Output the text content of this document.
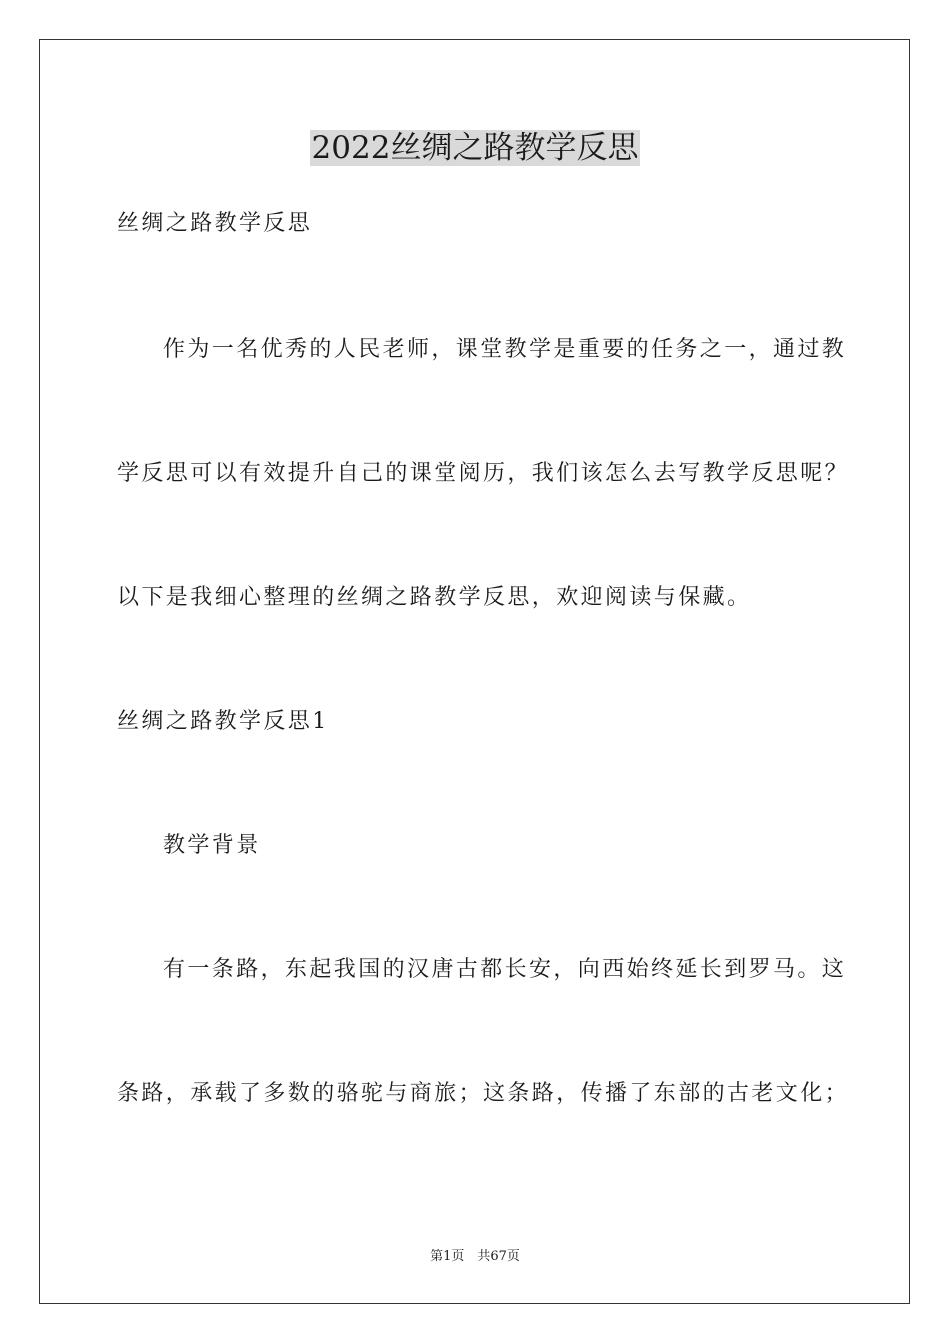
2022丝绸之路教学反思
丝绸之路教学反思
作为一名优秀的人民老师，课堂教学是重要的任务之一，通过教
学反思可以有效提升自己的课堂阅历，我们该怎么去写教学反思呢？
以下是我细心整理的丝绸之路教学反思，欢迎阅读与保藏。
丝绸之路教学反思1
教学背景
有一条路，东起我国的汉唐古都长安，向西始终延长到罗马。这
条路，承载了多数的骆驼与商旅；这条路，传播了东部的古老文化；
第1页　共67页
